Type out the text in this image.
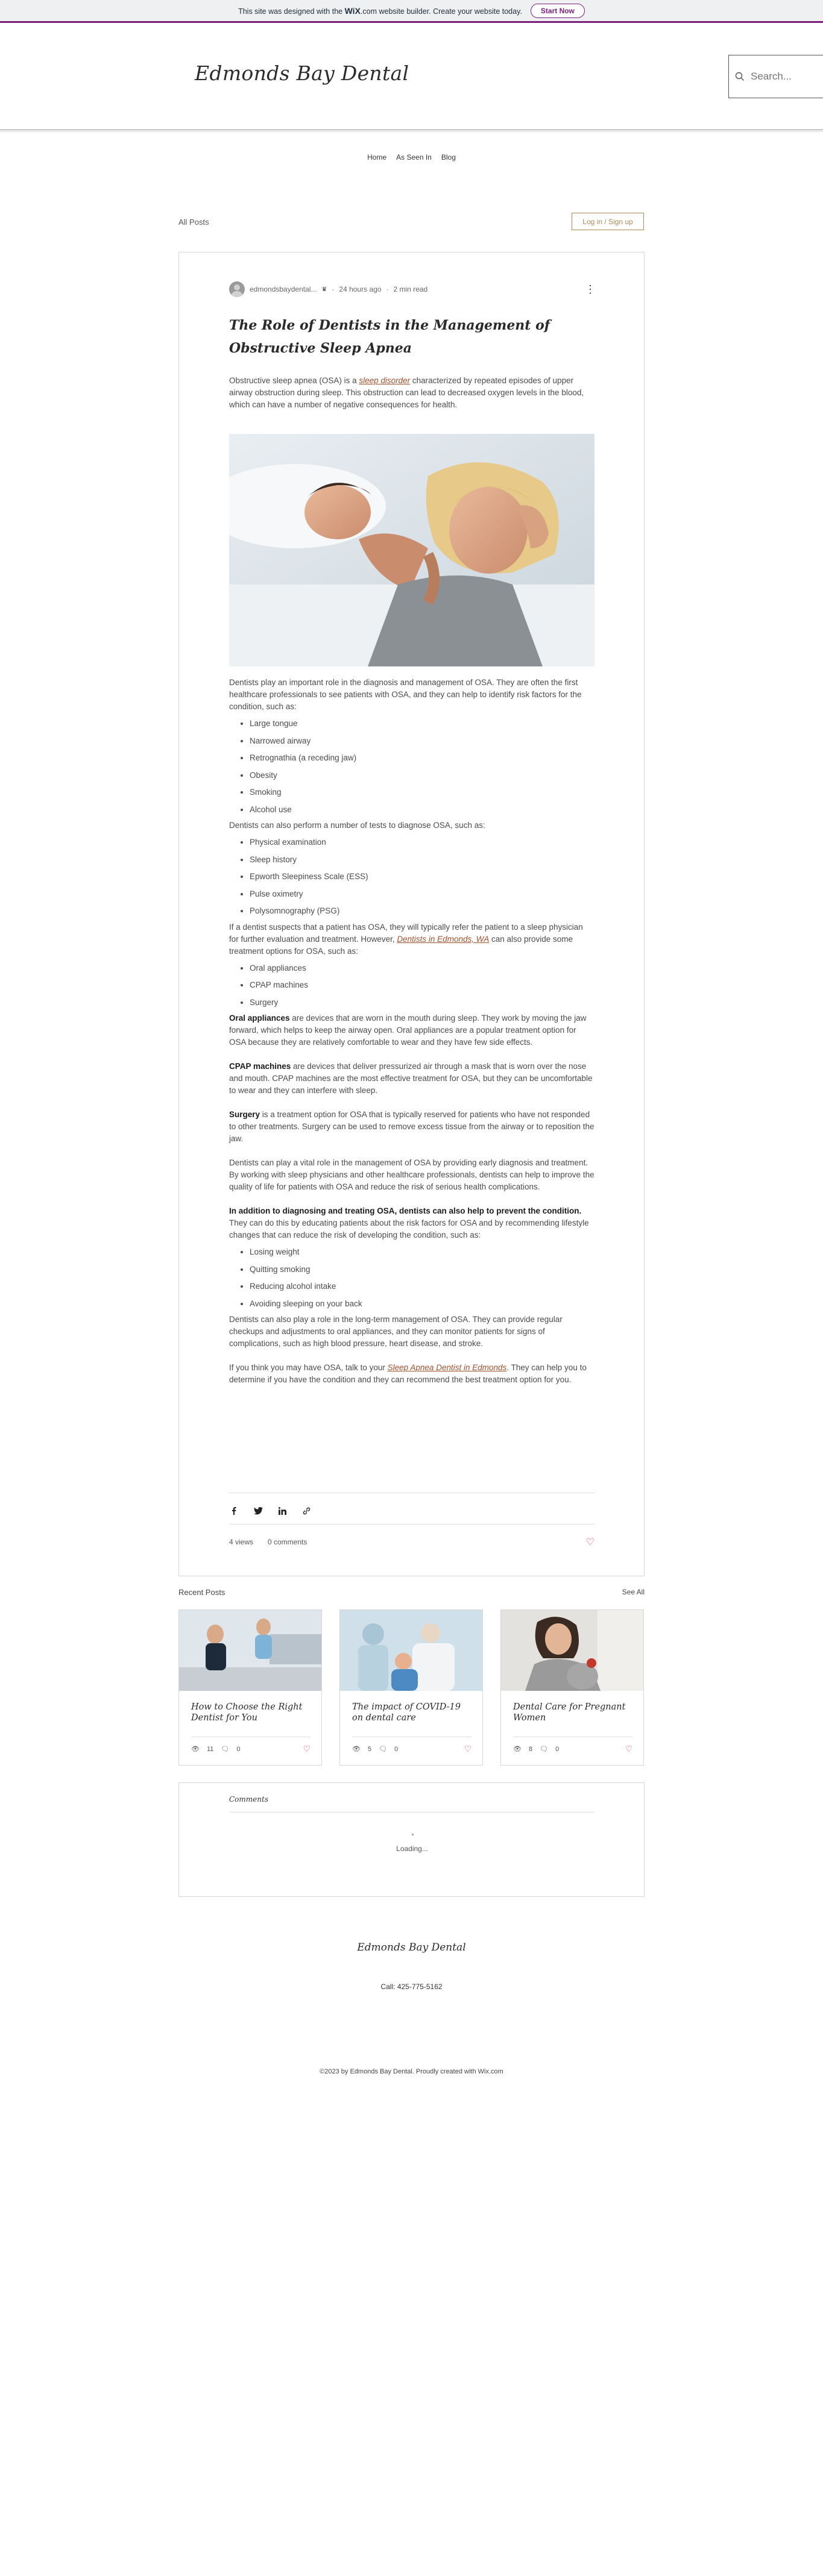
This site was designed with the WiX.com website builder. Create your website today.	Start Now
Edmonds Bay Dental
Search...
Home As Seen In Blog
All Posts	Log in / Sign up
edmondsbaydental... ♛ · 24 hours ago · 2 min read	⋮
The Role of Dentists in the Management of Obstructive Sleep Apnea

Obstructive sleep apnea (OSA) is a sleep disorder characterized by repeated episodes of upper airway obstruction during sleep. This obstruction can lead to decreased oxygen levels in the blood, which can have a number of negative consequences for health.

Dentists play an important role in the diagnosis and management of OSA. They are often the first healthcare professionals to see patients with OSA, and they can help to identify risk factors for the condition, such as:

• Large tongue
• Narrowed airway
• Retrognathia (a receding jaw)
• Obesity
• Smoking
• Alcohol use

Dentists can also perform a number of tests to diagnose OSA, such as:

• Physical examination
• Sleep history
• Epworth Sleepiness Scale (ESS)
• Pulse oximetry
• Polysomnography (PSG)

If a dentist suspects that a patient has OSA, they will typically refer the patient to a sleep physician for further evaluation and treatment. However, Dentists in Edmonds, WA can also provide some treatment options for OSA, such as:

• Oral appliances
• CPAP machines
• Surgery

Oral appliances are devices that are worn in the mouth during sleep. They work by moving the jaw forward, which helps to keep the airway open. Oral appliances are a popular treatment option for OSA because they are relatively comfortable to wear and they have few side effects.

CPAP machines are devices that deliver pressurized air through a mask that is worn over the nose and mouth. CPAP machines are the most effective treatment for OSA, but they can be uncomfortable to wear and they can interfere with sleep.

Surgery is a treatment option for OSA that is typically reserved for patients who have not responded to other treatments. Surgery can be used to remove excess tissue from the airway or to reposition the jaw.

Dentists can play a vital role in the management of OSA by providing early diagnosis and treatment. By working with sleep physicians and other healthcare professionals, dentists can help to improve the quality of life for patients with OSA and reduce the risk of serious health complications.

In addition to diagnosing and treating OSA, dentists can also help to prevent the condition. They can do this by educating patients about the risk factors for OSA and by recommending lifestyle changes that can reduce the risk of developing the condition, such as:

• Losing weight
• Quitting smoking
• Reducing alcohol intake
• Avoiding sleeping on your back

Dentists can also play a role in the long-term management of OSA. They can provide regular checkups and adjustments to oral appliances, and they can monitor patients for signs of complications, such as high blood pressure, heart disease, and stroke.

If you think you may have OSA, talk to your Sleep Apnea Dentist in Edmonds. They can help you to determine if you have the condition and they can recommend the best treatment option for you.

4 views 0 comments	♡
Recent Posts	See All
How to Choose the Right Dentist for You
👁 11 🗨 0	♡
The impact of COVID-19 on dental care
👁 5 🗨 0	♡
Dental Care for Pregnant Women
👁 8 🗨 0	♡
Comments
Loading...
Edmonds Bay Dental
Call: 425-775-5162
©2023 by Edmonds Bay Dental. Proudly created with Wix.com
